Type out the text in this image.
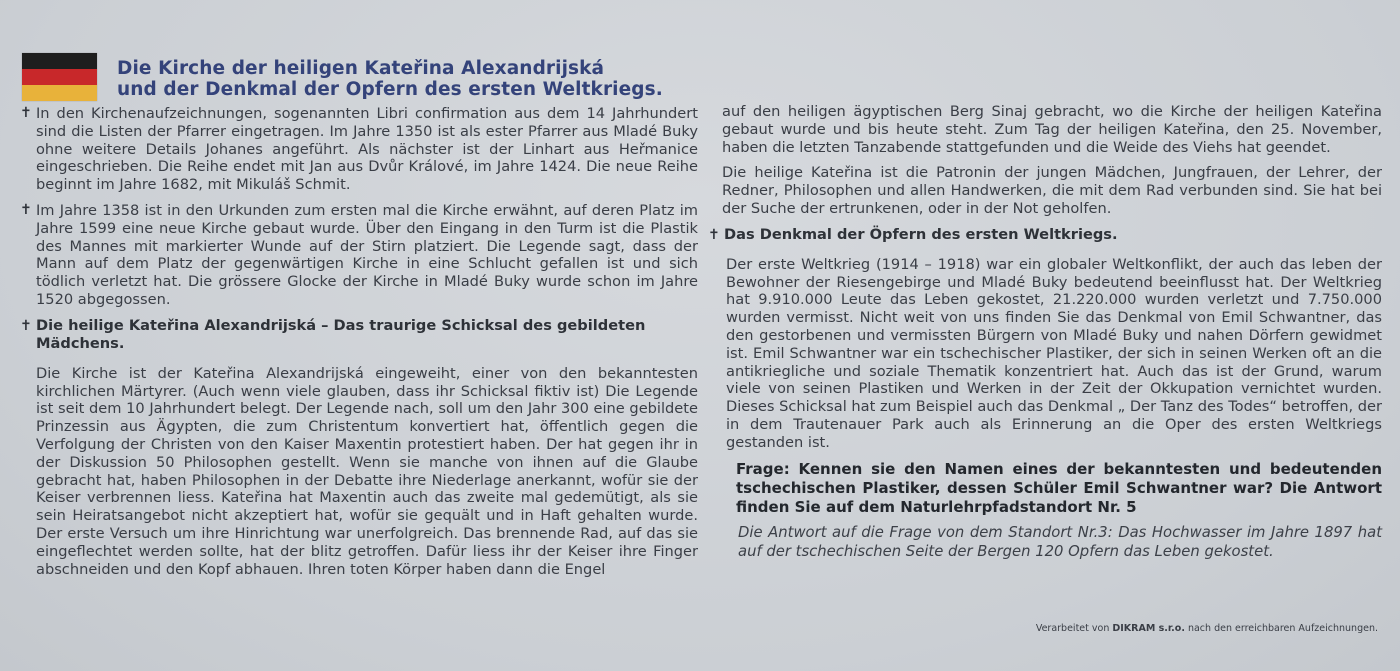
Die Kirche der heiligen Kateřina Alexandrijská
und der Denkmal der Opfern des ersten Weltkriegs.
✝ In den Kirchenaufzeichnungen, sogenannten Libri confirmation aus dem 14 Jahrhundert sind die Listen der Pfarrer eingetragen. Im Jahre 1350 ist als ester Pfarrer aus Mladé Buky ohne weitere Details Johanes angeführt. Als nächster ist der Linhart aus Heřmanice eingeschrieben. Die Reihe endet mit Jan aus Dvůr Králové, im Jahre 1424. Die neue Reihe beginnt im Jahre 1682, mit Mikuláš Schmit.
✝ Im Jahre 1358 ist in den Urkunden zum ersten mal die Kirche erwähnt, auf deren Platz im Jahre 1599 eine neue Kirche gebaut wurde. Über den Eingang in den Turm ist die Plastik des Mannes mit markierter Wunde auf der Stirn platziert. Die Legende sagt, dass der Mann auf dem Platz der gegenwärtigen Kirche in eine Schlucht gefallen ist und sich tödlich verletzt hat. Die grössere Glocke der Kirche in Mladé Buky wurde schon im Jahre 1520 abgegossen.
✝ Die heilige Kateřina Alexandrijská – Das traurige Schicksal des gebildeten Mädchens.
Die Kirche ist der Kateřina Alexandrijská eingeweiht, einer von den bekanntesten kirchlichen Märtyrer. (Auch wenn viele glauben, dass ihr Schicksal fiktiv ist) Die Legende ist seit dem 10 Jahrhundert belegt. Der Legende nach, soll um den Jahr 300 eine gebildete Prinzessin aus Ägypten, die zum Christentum konvertiert hat, öffentlich gegen die Verfolgung der Christen von den Kaiser Maxentin protestiert haben. Der hat gegen ihr in der Diskussion 50 Philosophen gestellt. Wenn sie manche von ihnen auf die Glaube gebracht hat, haben Philosophen in der Debatte ihre Niederlage anerkannt, wofür sie der Keiser verbrennen liess. Kateřina hat Maxentin auch das zweite mal gedemütigt, als sie sein Heiratsangebot nicht akzeptiert hat, wofür sie gequält und in Haft gehalten wurde. Der erste Versuch um ihre Hinrichtung war unerfolgreich. Das brennende Rad, auf das sie eingeflechtet werden sollte, hat der blitz getroffen. Dafür liess ihr der Keiser ihre Finger abschneiden und den Kopf abhauen. Ihren toten Körper haben dann die Engel
auf den heiligen ägyptischen Berg Sinaj gebracht, wo die Kirche der heiligen Kateřina gebaut wurde und bis heute steht. Zum Tag der heiligen Kateřina, den 25. November, haben die letzten Tanzabende stattgefunden und die Weide des Viehs hat geendet.
Die heilige Kateřina ist die Patronin der jungen Mädchen, Jungfrauen, der Lehrer, der Redner, Philosophen und allen Handwerken, die mit dem Rad verbunden sind. Sie hat bei der Suche der ertrunkenen, oder in der Not geholfen.
✝ Das Denkmal der Öpfern des ersten Weltkriegs.
Der erste Weltkrieg (1914 – 1918) war ein globaler Weltkonflikt, der auch das leben der Bewohner der Riesengebirge und Mladé Buky bedeutend beeinflusst hat. Der Weltkrieg hat 9.910.000 Leute das Leben gekostet, 21.220.000 wurden verletzt und 7.750.000 wurden vermisst. Nicht weit von uns finden Sie das Denkmal von Emil Schwantner, das den gestorbenen und vermissten Bürgern von Mladé Buky und nahen Dörfern gewidmet ist. Emil Schwantner war ein tschechischer Plastiker, der sich in seinen Werken oft an die antikriegliche und soziale Thematik konzentriert hat. Auch das ist der Grund, warum viele von seinen Plastiken und Werken in der Zeit der Okkupation vernichtet wurden. Dieses Schicksal hat zum Beispiel auch das Denkmal „ Der Tanz des Todes“ betroffen, der in dem Trautenauer Park auch als Erinnerung an die Oper des ersten Weltkriegs gestanden ist.
Frage: Kennen sie den Namen eines der bekanntesten und bedeutenden tschechischen Plastiker, dessen Schüler Emil Schwantner war? Die Antwort finden Sie auf dem Naturlehrpfadstandort Nr. 5
Die Antwort auf die Frage von dem Standort Nr.3: Das Hochwasser im Jahre 1897 hat auf der tschechischen Seite der Bergen 120 Opfern das Leben gekostet.
Verarbeitet von DIKRAM s.r.o. nach den erreichbaren Aufzeichnungen.
